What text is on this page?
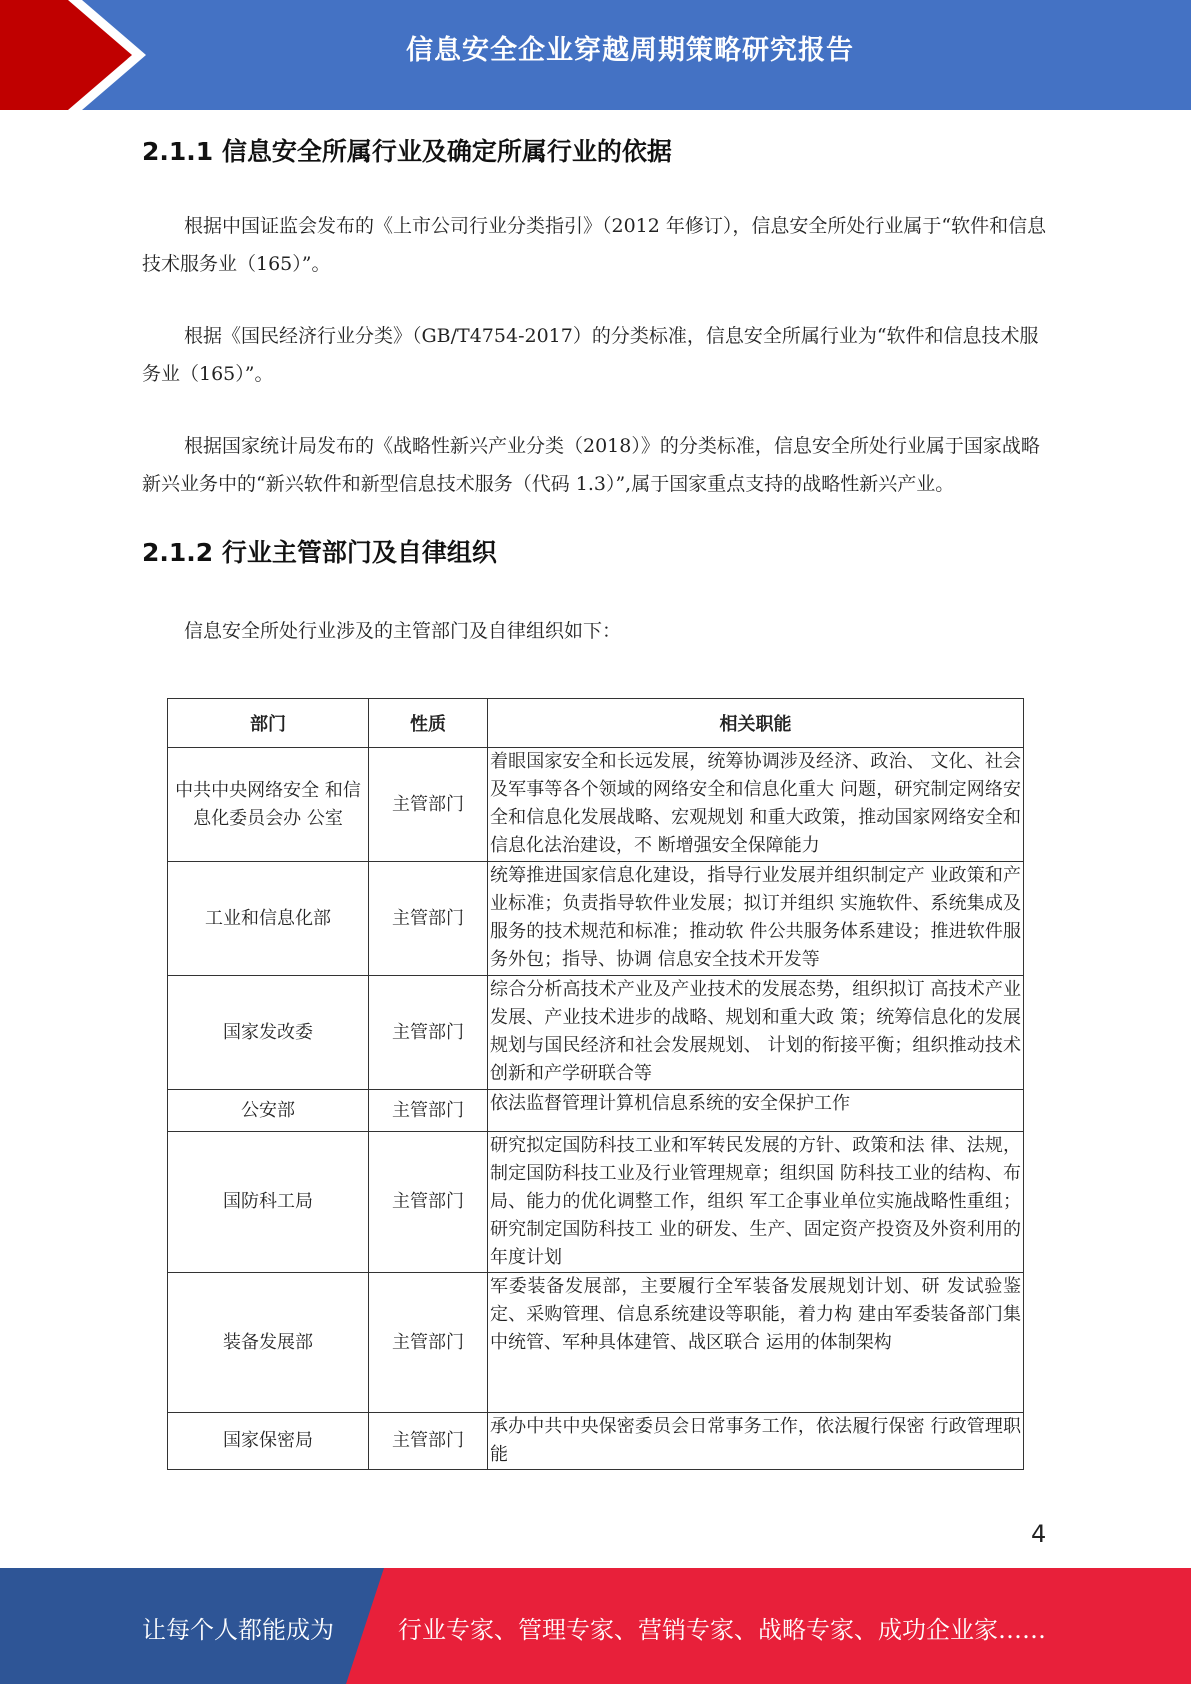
信息安全企业穿越周期策略研究报告
2.1.1 信息安全所属行业及确定所属行业的依据

根据中国证监会发布的《上市公司行业分类指引》（2012 年修订），信息安全所处行业属于“软件和信息技术服务业（165）”。

根据《国民经济行业分类》（GB/T4754-2017）的分类标准，信息安全所属行业为“软件和信息技术服务业（165）”。

根据国家统计局发布的《战略性新兴产业分类（2018）》的分类标准，信息安全所处行业属于国家战略新兴业务中的“新兴软件和新型信息技术服务（代码 1.3）”,属于国家重点支持的战略性新兴产业。

2.1.2 行业主管部门及自律组织

信息安全所处行业涉及的主管部门及自律组织如下：

部门	性质	相关职能
中共中央网络安全 和信息化委员会办 公室	主管部门	着眼国家安全和长远发展，统筹协调涉及经济、政治、 文化、社会及军事等各个领域的网络安全和信息化重大 问题，研究制定网络安全和信息化发展战略、宏观规划 和重大政策，推动国家网络安全和信息化法治建设，不 断增强安全保障能力
工业和信息化部	主管部门	统筹推进国家信息化建设，指导行业发展并组织制定产 业政策和产业标准；负责指导软件业发展；拟订并组织 实施软件、系统集成及服务的技术规范和标准；推动软 件公共服务体系建设；推进软件服务外包；指导、协调 信息安全技术开发等
国家发改委	主管部门	综合分析高技术产业及产业技术的发展态势，组织拟订 高技术产业发展、产业技术进步的战略、规划和重大政 策；统筹信息化的发展规划与国民经济和社会发展规划、 计划的衔接平衡；组织推动技术创新和产学研联合等
公安部	主管部门	依法监督管理计算机信息系统的安全保护工作
国防科工局	主管部门	研究拟定国防科技工业和军转民发展的方针、政策和法 律、法规，制定国防科技工业及行业管理规章；组织国 防科技工业的结构、布局、能力的优化调整工作，组织 军工企事业单位实施战略性重组；研究制定国防科技工 业的研发、生产、固定资产投资及外资利用的年度计划
装备发展部	主管部门	军委装备发展部，主要履行全军装备发展规划计划、研 发试验鉴定、采购管理、信息系统建设等职能，着力构 建由军委装备部门集中统管、军种具体建管、战区联合 运用的体制架构
国家保密局	主管部门	承办中共中央保密委员会日常事务工作，依法履行保密 行政管理职能
4
让每个人都能成为	行业专家、管理专家、营销专家、战略专家、成功企业家……
